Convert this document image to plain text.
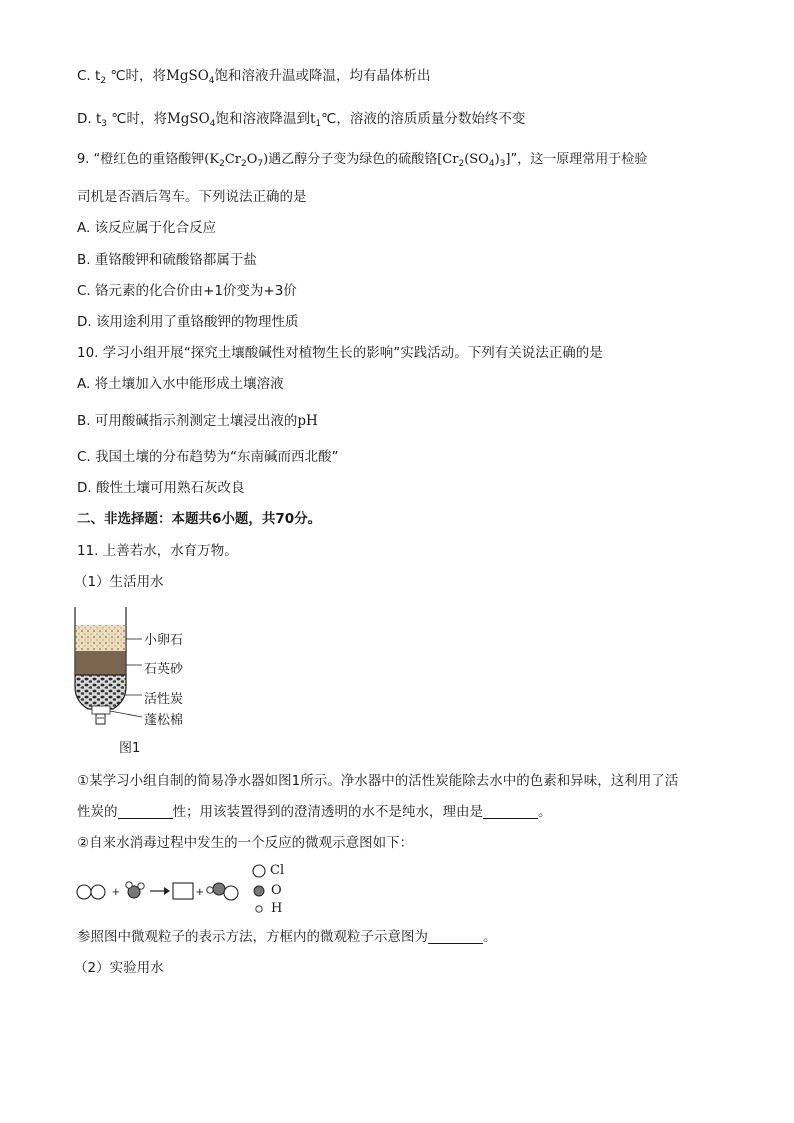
C. $t_2$ ℃时，将MgSO$_4$饱和溶液升温或降温，均有晶体析出
D. $t_3$ ℃时，将MgSO$_4$饱和溶液降温到$t_1℃$，溶液的溶质质量分数始终不变
9. “橙红色的重铬酸钾$(K_2Cr_2O_7)$遇乙醇分子变为绿色的硫酸铬$[Cr_2(SO_4)_3]$”，这一原理常用于检验
司机是否酒后驾车。下列说法正确的是
A. 该反应属于化合反应
B. 重铬酸钾和硫酸铬都属于盐
C. 铬元素的化合价由+1价变为+3价
D. 该用途利用了重铬酸钾的物理性质
10. 学习小组开展“探究土壤酸碱性对植物生长的影响”实践活动。下列有关说法正确的是
A. 将土壤加入水中能形成土壤溶液
B. 可用酸碱指示剂测定土壤浸出液的pH
C. 我国土壤的分布趋势为“东南碱而西北酸”
D. 酸性土壤可用熟石灰改良
二、非选择题：本题共6小题，共70分。
11. 上善若水，水育万物。
（1）生活用水
小卵石
石英砂
活性炭
蓬松棉
图1
①某学习小组自制的简易净水器如图1所示。净水器中的活性炭能除去水中的色素和异味，这利用了活
性炭的	性；用该装置得到的澄清透明的水不是纯水，理由是	。
②自来水消毒过程中发生的一个反应的微观示意图如下：
+	+
Cl
O
H
参照图中微观粒子的表示方法，方框内的微观粒子示意图为	。
（2）实验用水
